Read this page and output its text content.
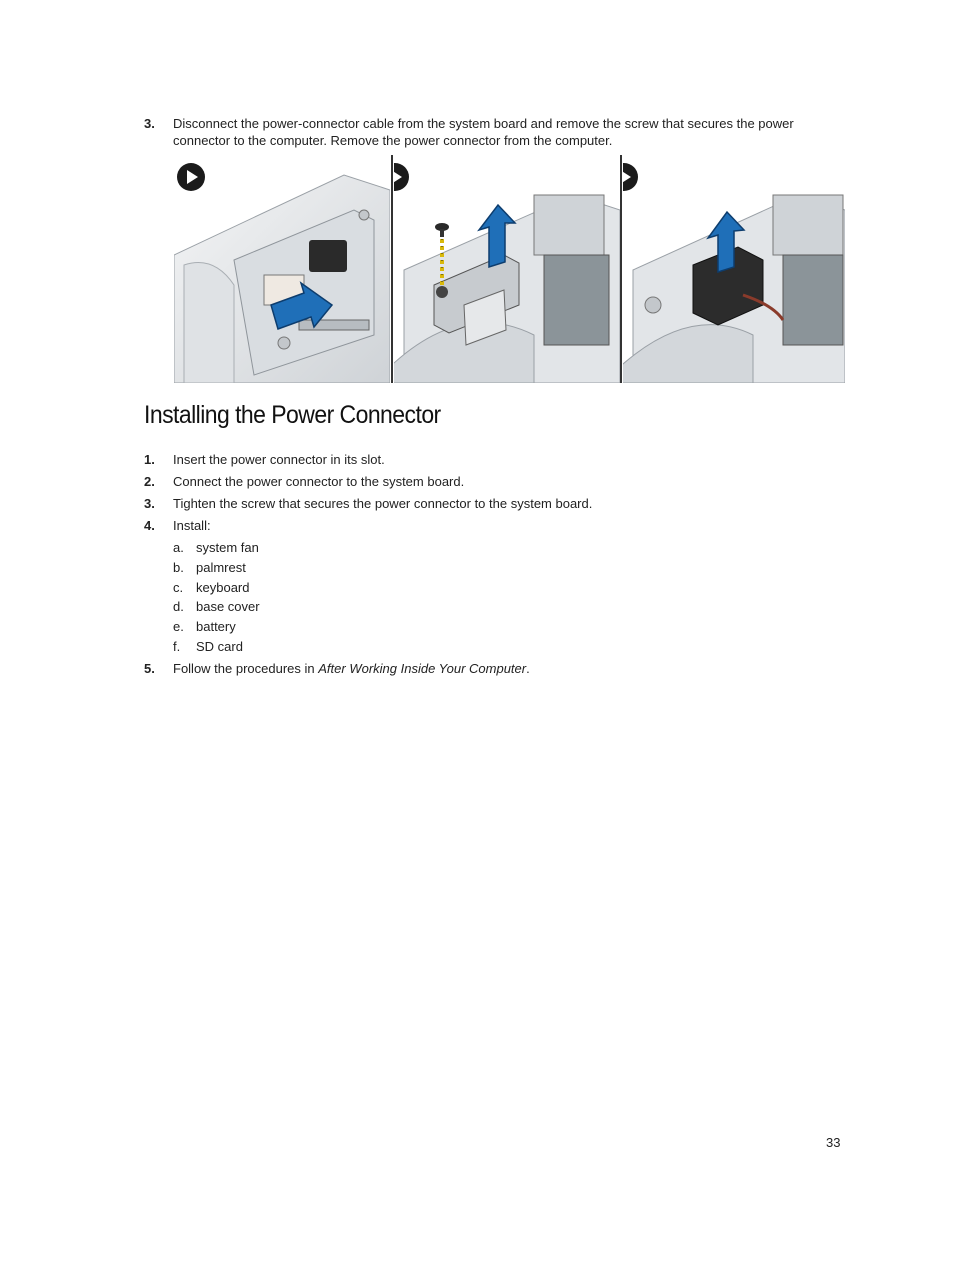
3. Disconnect the power-connector cable from the system board and remove the screw that secures the power connector to the computer. Remove the power connector from the computer.
Installing the Power Connector
1. Insert the power connector in its slot.
2. Connect the power connector to the system board.
3. Tighten the screw that secures the power connector to the system board.
4. Install:
a. system fan
b. palmrest
c. keyboard
d. base cover
e. battery
f. SD card
5. Follow the procedures in After Working Inside Your Computer.
33
